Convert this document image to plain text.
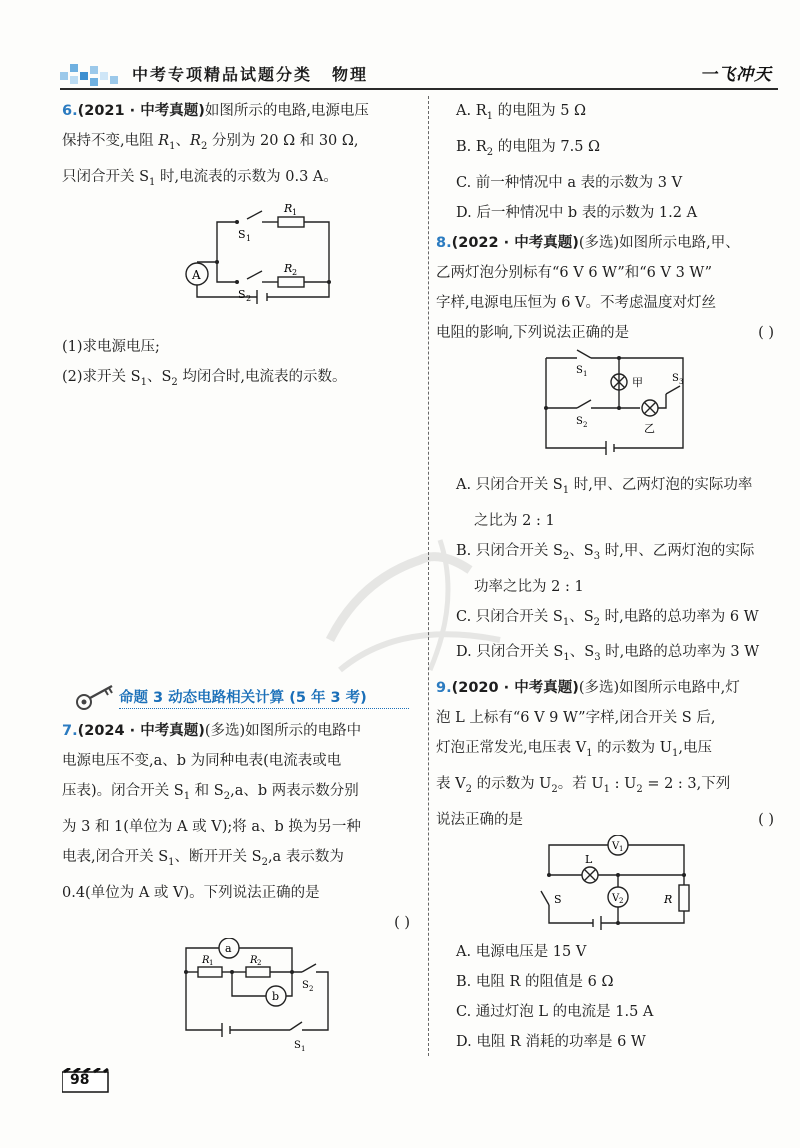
中考专项精品试题分类 物理	一飞冲天
6.(2021 · 中考真题)如图所示的电路,电源电压
保持不变,电阻 $R_1$、$R_2$ 分别为 20 Ω 和 30 Ω,
只闭合开关 $S_1$ 时,电流表的示数为 0.3 A。
A
R 1
R 2
S 1
S 2
(1)求电源电压;
(2)求开关 $S_1$、$S_2$ 均闭合时,电流表的示数。
命题 3 动态电路相关计算 (5 年 3 考)
7.(2024 · 中考真题)(多选)如图所示的电路中
电源电压不变,a、b 为同种电表(电流表或电
压表)。闭合开关 $S_1$ 和 $S_2,a$、b 两表示数分别
为 3 和 1(单位为 A 或 V);将 a、b 换为另一种
电表,闭合开关 $S_1$、断开开关 $S_2,a$ 表示数为
0.4(单位为 A 或 V)。下列说法正确的是
( )
a
b
R 1	R 2
S 2
S 1
A. $R_1$ 的电阻为 5 Ω
B. $R_2$ 的电阻为 7.5 Ω
C. 前一种情况中 a 表的示数为 3 V
D. 后一种情况中 b 表的示数为 1.2 A
8.(2022 · 中考真题)(多选)如图所示电路,甲、
乙两灯泡分别标有“6 V 6 W”和“6 V 3 W”
字样,电源电压恒为 6 V。不考虑温度对灯丝
电阻的影响,下列说法正确的是	( )
甲
乙
S 1
S 2
S 3
A. 只闭合开关 $S_1$ 时,甲、乙两灯泡的实际功率
之比为 2 : 1
B. 只闭合开关 $S_2$、$S_3$ 时,甲、乙两灯泡的实际
功率之比为 2 : 1
C. 只闭合开关 $S_1$、$S_2$ 时,电路的总功率为 6 W
D. 只闭合开关 $S_1$、$S_3$ 时,电路的总功率为 3 W
9.(2020 · 中考真题)(多选)如图所示电路中,灯
泡 L 上标有“6 V 9 W”字样,闭合开关 S 后,
灯泡正常发光,电压表 $V_1$ 的示数为 $U_1$,电压
表 $V_2$ 的示数为 $U_2$。若 $U_1$ : $U_2 = 2$ : 3,下列
说法正确的是	( )
V 1
V 2
L
R
S
A. 电源电压是 15 V
B. 电阻 R 的阻值是 6 Ω
C. 通过灯泡 L 的电流是 1.5 A
D. 电阻 R 消耗的功率是 6 W
98
